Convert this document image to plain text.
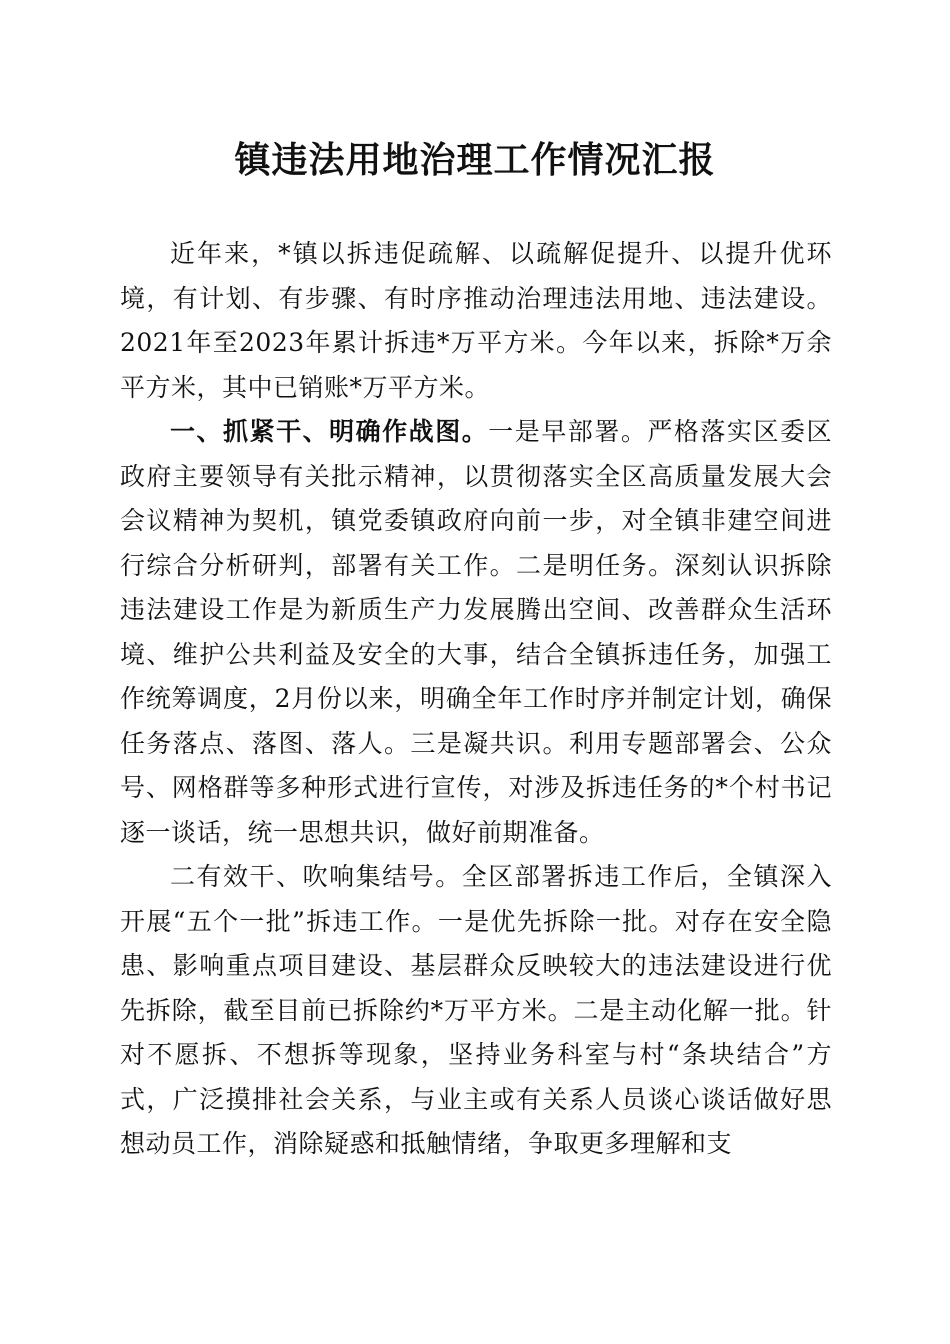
镇违法用地治理工作情况汇报

近年来，*镇以拆违促疏解、以疏解促提升、以提升优环境，有计划、有步骤、有时序推动治理违法用地、违法建设。2021年至2023年累计拆违*万平方米。今年以来，拆除*万余平方米，其中已销账*万平方米。

一、抓紧干、明确作战图。一是早部署。严格落实区委区政府主要领导有关批示精神，以贯彻落实全区高质量发展大会会议精神为契机，镇党委镇政府向前一步，对全镇非建空间进行综合分析研判，部署有关工作。二是明任务。深刻认识拆除违法建设工作是为新质生产力发展腾出空间、改善群众生活环境、维护公共利益及安全的大事，结合全镇拆违任务，加强工作统筹调度，2月份以来，明确全年工作时序并制定计划，确保任务落点、落图、落人。三是凝共识。利用专题部署会、公众号、网格群等多种形式进行宣传，对涉及拆违任务的*个村书记逐一谈话，统一思想共识，做好前期准备。

二有效干、吹响集结号。全区部署拆违工作后，全镇深入开展“五个一批”拆违工作。一是优先拆除一批。对存在安全隐患、影响重点项目建设、基层群众反映较大的违法建设进行优先拆除，截至目前已拆除约*万平方米。二是主动化解一批。针对不愿拆、不想拆等现象，坚持业务科室与村“条块结合”方式，广泛摸排社会关系，与业主或有关系人员谈心谈话做好思想动员工作，消除疑惑和抵触情绪，争取更多理解和支
